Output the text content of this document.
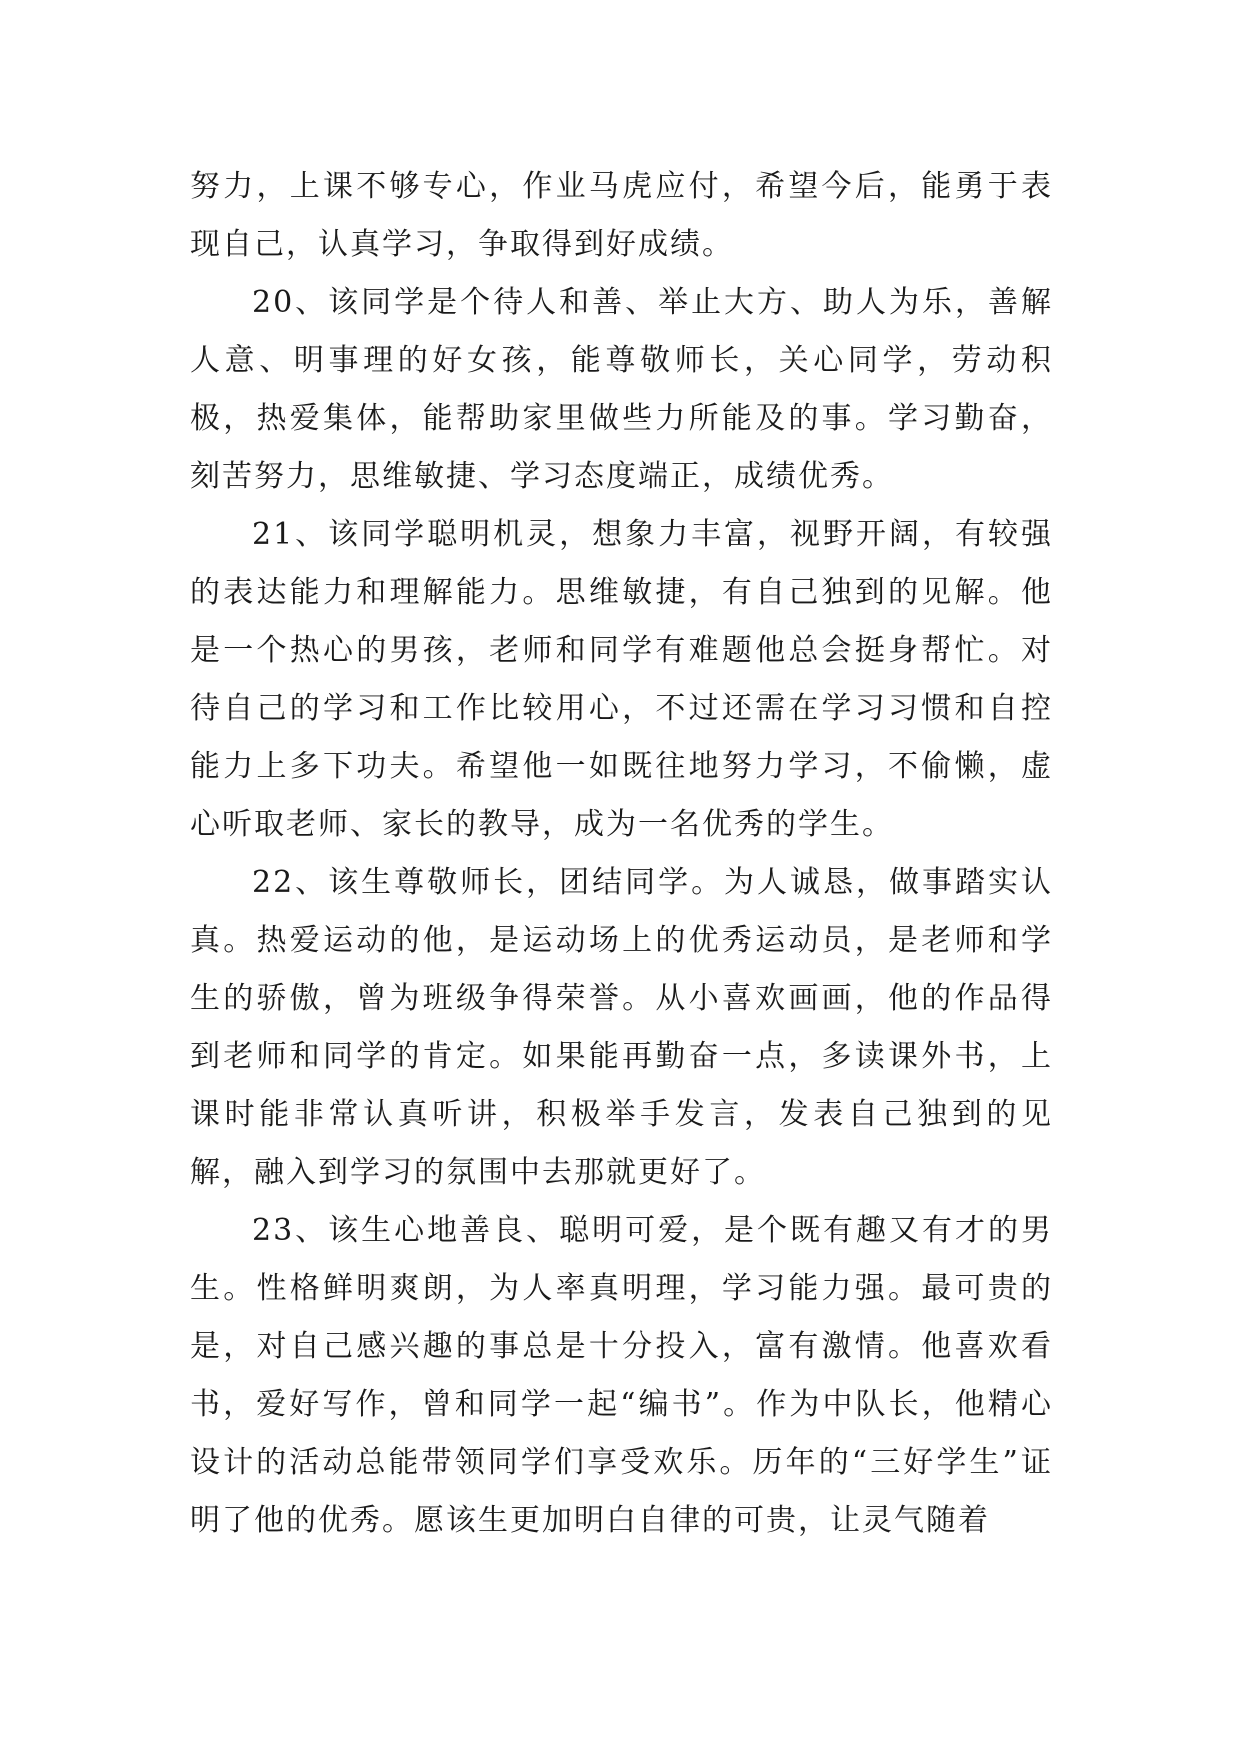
努力，上课不够专心，作业马虎应付，希望今后，能勇于表现自己，认真学习，争取得到好成绩。

20、该同学是个待人和善、举止大方、助人为乐，善解人意、明事理的好女孩，能尊敬师长，关心同学，劳动积极，热爱集体，能帮助家里做些力所能及的事。学习勤奋，刻苦努力，思维敏捷、学习态度端正，成绩优秀。

21、该同学聪明机灵，想象力丰富，视野开阔，有较强的表达能力和理解能力。思维敏捷，有自己独到的见解。他是一个热心的男孩，老师和同学有难题他总会挺身帮忙。对待自己的学习和工作比较用心，不过还需在学习习惯和自控能力上多下功夫。希望他一如既往地努力学习，不偷懒，虚心听取老师、家长的教导，成为一名优秀的学生。

22、该生尊敬师长，团结同学。为人诚恳，做事踏实认真。热爱运动的他，是运动场上的优秀运动员，是老师和学生的骄傲，曾为班级争得荣誉。从小喜欢画画，他的作品得到老师和同学的肯定。如果能再勤奋一点，多读课外书，上课时能非常认真听讲，积极举手发言，发表自己独到的见解，融入到学习的氛围中去那就更好了。

23、该生心地善良、聪明可爱，是个既有趣又有才的男生。性格鲜明爽朗，为人率真明理，学习能力强。最可贵的是，对自己感兴趣的事总是十分投入，富有激情。他喜欢看书，爱好写作，曾和同学一起“编书”。作为中队长，他精心设计的活动总能带领同学们享受欢乐。历年的“三好学生”证明了他的优秀。愿该生更加明白自律的可贵，让灵气随着
